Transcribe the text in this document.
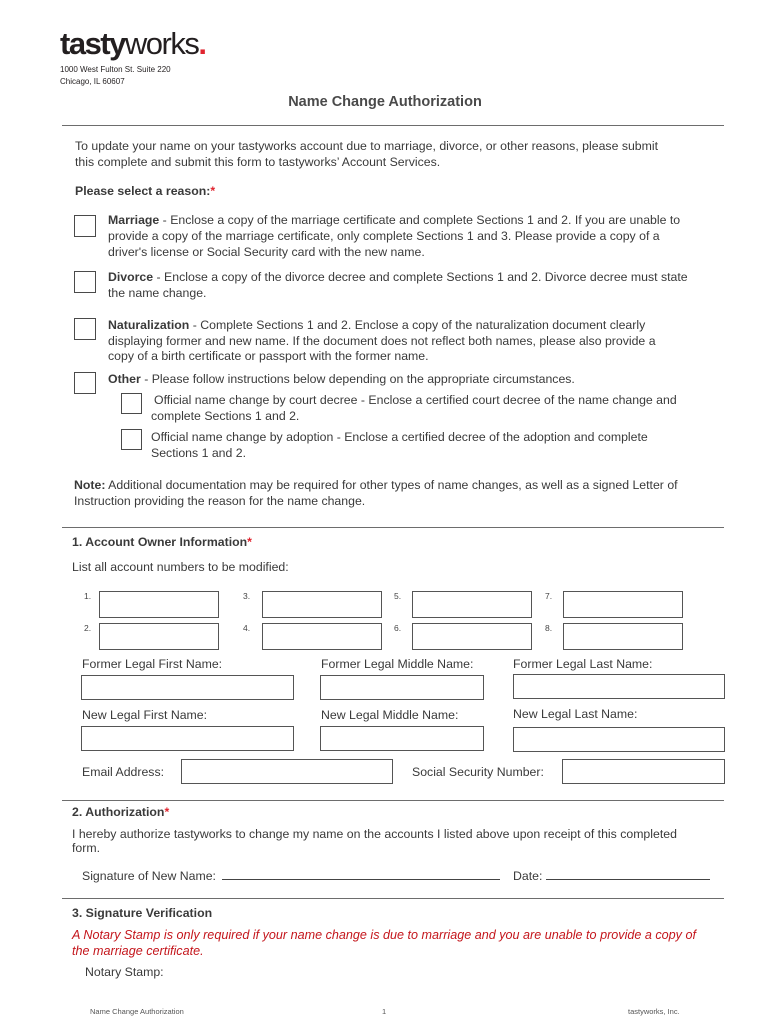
tastyworks.
1000 West Fulton St. Suite 220
Chicago, IL 60607
Name Change Authorization
To update your name on your tastyworks account due to marriage, divorce, or other reasons, please submit
this complete and submit this form to tastyworks’ Account Services.
Please select a reason:*
Marriage - Enclose a copy of the marriage certificate and complete Sections 1 and 2. If you are unable to
provide a copy of the marriage certificate, only complete Sections 1 and 3. Please provide a copy of a
driver's license or Social Security card with the new name.
Divorce - Enclose a copy of the divorce decree and complete Sections 1 and 2. Divorce decree must state
the name change.
Naturalization - Complete Sections 1 and 2. Enclose a copy of the naturalization document clearly
displaying former and new name. If the document does not reflect both names, please also provide a
copy of a birth certificate or passport with the former name.
Other - Please follow instructions below depending on the appropriate circumstances.
Official name change by court decree - Enclose a certified court decree of the name change and
complete Sections 1 and 2.
Official name change by adoption - Enclose a certified decree of the adoption and complete
Sections 1 and 2.
Note: Additional documentation may be required for other types of name changes, as well as a signed Letter of
Instruction providing the reason for the name change.
1. Account Owner Information*
List all account numbers to be modified:
1.	3.	5.	7.
2.	4.	6.	8.
Former Legal First Name:	Former Legal Middle Name:	Former Legal Last Name:
New Legal First Name:	New Legal Middle Name:	New Legal Last Name:
Email Address:	Social Security Number:
2. Authorization*
I hereby authorize tastyworks to change my name on the accounts I listed above upon receipt of this completed
form.
Signature of New Name:	Date:
3. Signature Verification
A Notary Stamp is only required if your name change is due to marriage and you are unable to provide a copy of
the marriage certificate.
Notary Stamp:
Name Change Authorization	1	tastyworks, Inc.
